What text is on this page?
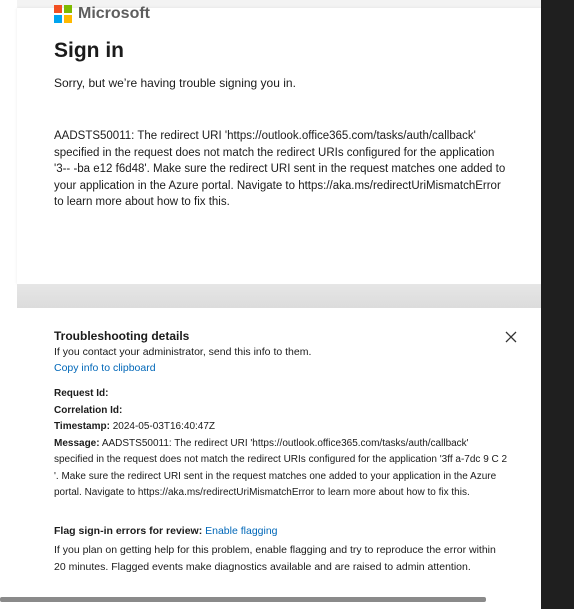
Microsoft
Sign in
Sorry, but we’re having trouble signing you in.
AADSTS50011: The redirect URI 'https://outlook.office365.com/tasks/auth/callback' specified in the request does not match the redirect URIs configured for the application '3-- -ba e12 f6d48'. Make sure the redirect URI sent in the request matches one added to your application in the Azure portal. Navigate to https://aka.ms/redirectUriMismatchError to learn more about how to fix this.
Troubleshooting details
If you contact your administrator, send this info to them.
Copy info to clipboard
Request Id:
Correlation Id:
Timestamp: 2024-05-03T16:40:47Z
Message: AADSTS50011: The redirect URI 'https://outlook.office365.com/tasks/auth/callback' specified in the request does not match the redirect URIs configured for the application '3ff a-7dc 9 C 2 '. Make sure the redirect URI sent in the request matches one added to your application in the Azure portal. Navigate to https://aka.ms/redirectUriMismatchError to learn more about how to fix this.
Flag sign-in errors for review: Enable flagging
If you plan on getting help for this problem, enable flagging and try to reproduce the error within 20 minutes. Flagged events make diagnostics available and are raised to admin attention.
